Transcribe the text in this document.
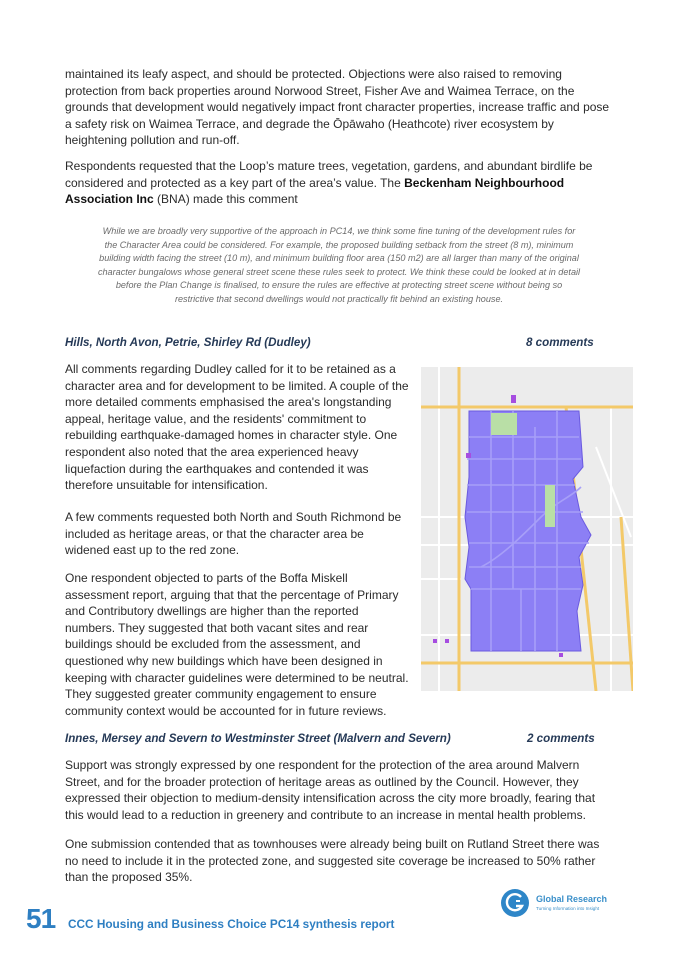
maintained its leafy aspect, and should be protected. Objections were also raised to removing protection from back properties around Norwood Street, Fisher Ave and Waimea Terrace, on the grounds that development would negatively impact front character properties, increase traffic and pose a safety risk on Waimea Terrace, and degrade the Ōpāwaho (Heathcote) river ecosystem by heightening pollution and run-off.

Respondents requested that the Loop’s mature trees, vegetation, gardens, and abundant birdlife be considered and protected as a key part of the area’s value. The Beckenham Neighbourhood Association Inc (BNA) made this comment

While we are broadly very supportive of the approach in PC14, we think some fine tuning of the development rules for the Character Area could be considered. For example, the proposed building setback from the street (8 m), minimum building width facing the street (10 m), and minimum building floor area (150 m2) are all larger than many of the original character bungalows whose general street scene these rules seek to protect. We think these could be looked at in detail before the Plan Change is finalised, to ensure the rules are effective at protecting street scene without being so restrictive that second dwellings would not practically fit behind an existing house.

Hills, North Avon, Petrie, Shirley Rd (Dudley)	8 comments

All comments regarding Dudley called for it to be retained as a character area and for development to be limited. A couple of the more detailed comments emphasised the area's longstanding appeal, heritage value, and the residents' commitment to rebuilding earthquake-damaged homes in character style. One respondent also noted that the area experienced heavy liquefaction during the earthquakes and contended it was therefore unsuitable for intensification.

A few comments requested both North and South Richmond be included as heritage areas, or that the character area be widened east up to the red zone.

One respondent objected to parts of the Boffa Miskell assessment report, arguing that that the percentage of Primary and Contributory dwellings are higher than the reported numbers. They suggested that both vacant sites and rear buildings should be excluded from the assessment, and questioned why new buildings which have been designed in keeping with character guidelines were determined to be neutral. They suggested greater community engagement to ensure community context would be accounted for in future reviews.

Innes, Mersey and Severn to Westminster Street (Malvern and Severn)	2 comments

Support was strongly expressed by one respondent for the protection of the area around Malvern Street, and for the broader protection of heritage areas as outlined by the Council. However, they expressed their objection to medium-density intensification across the city more broadly, fearing that this would lead to a reduction in greenery and contribute to an increase in mental health problems.

One submission contended that as townhouses were already being built on Rutland Street there was no need to include it in the protected zone, and suggested site coverage be increased to 50% rather than the proposed 35%.

51 CCC Housing and Business Choice PC14 synthesis report
Global Research
Turning Information into Insight
